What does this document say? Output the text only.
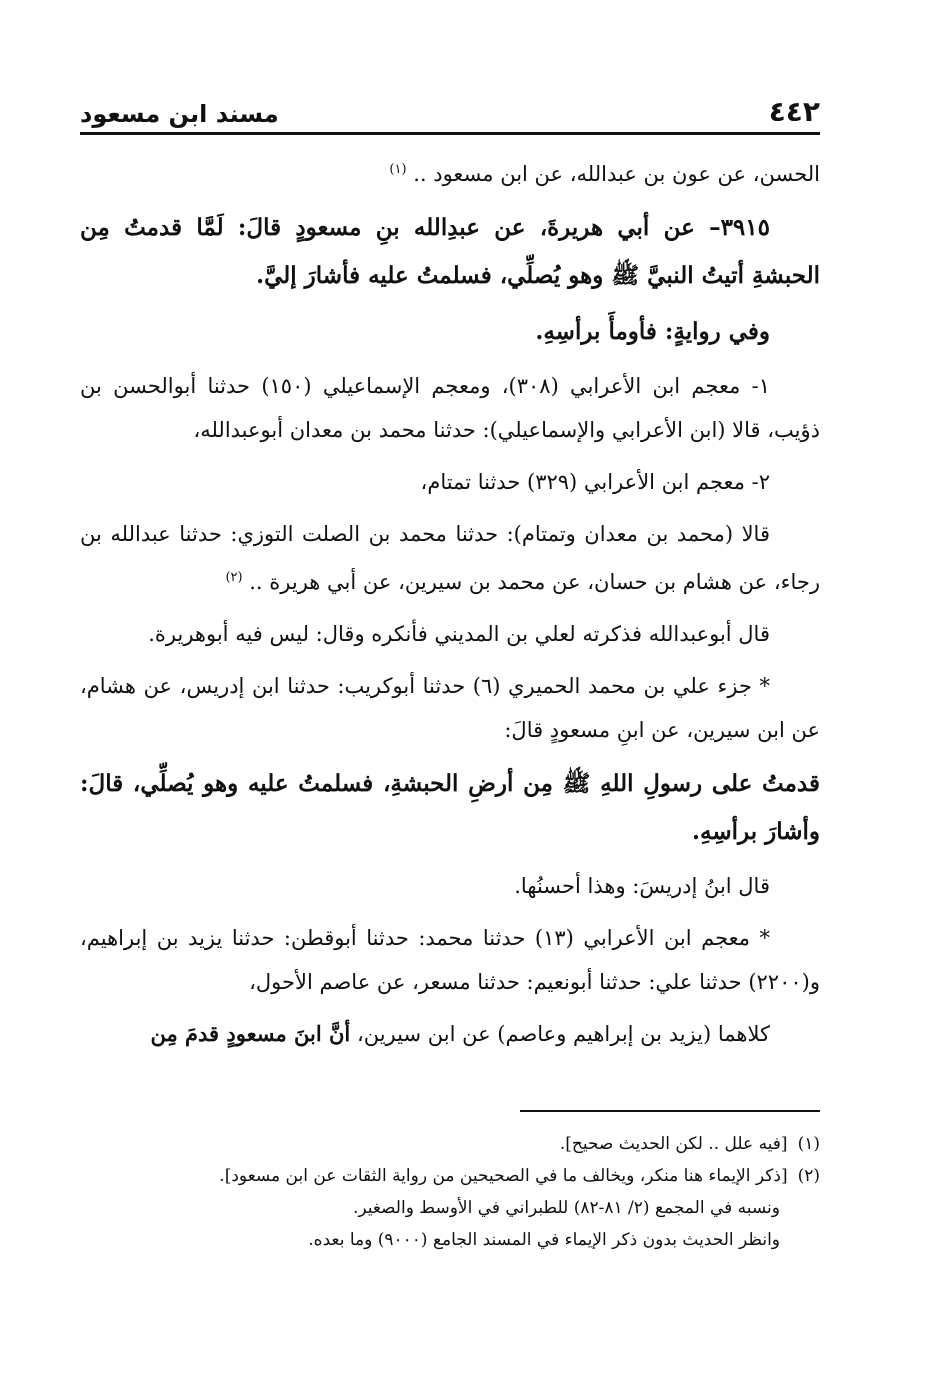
٤٤٢
مسند ابن مسعود

الحسن، عن عون بن عبدالله، عن ابن مسعود .. $^{(١)}$

٣٩١٥– عن أبي هريرةَ، عن عبدِالله بنِ مسعودٍ قالَ: لَمَّا قدمتُ مِن الحبشةِ أتيتُ النبيَّ ﷺ وهو يُصلِّي، فسلمتُ عليه فأشارَ إليَّ.

وفي روايةٍ: فأومأَ برأسِهِ.

١- معجم ابن الأعرابي (٣٠٨)، ومعجم الإسماعيلي (١٥٠) حدثنا أبوالحسن بن ذؤيب، قالا (ابن الأعرابي والإسماعيلي): حدثنا محمد بن معدان أبوعبدالله،

٢- معجم ابن الأعرابي (٣٢٩) حدثنا تمتام،

قالا (محمد بن معدان وتمتام): حدثنا محمد بن الصلت التوزي: حدثنا عبدالله بن رجاء، عن هشام بن حسان، عن محمد بن سيرين، عن أبي هريرة .. $^{(٢)}$

قال أبوعبدالله فذكرته لعلي بن المديني فأنكره وقال: ليس فيه أبوهريرة.

* جزء علي بن محمد الحميري (٦) حدثنا أبوكريب: حدثنا ابن إدريس، عن هشام، عن ابن سيرين، عن ابنِ مسعودٍ قالَ:

قدمتُ على رسولِ اللهِ ﷺ مِن أرضِ الحبشةِ، فسلمتُ عليه وهو يُصلِّي، قالَ: وأشارَ برأسِهِ.

قال ابنُ إدريسَ: وهذا أحسنُها.

* معجم ابن الأعرابي (١٣) حدثنا محمد: حدثنا أبوقطن: حدثنا يزيد بن إبراهيم، و(٢٢٠٠) حدثنا علي: حدثنا أبونعيم: حدثنا مسعر، عن عاصم الأحول،

كلاهما (يزيد بن إبراهيم وعاصم) عن ابن سيرين، أنَّ ابنَ مسعودٍ قدمَ مِن

(١)[فيه علل .. لكن الحديث صحيح].

(٢)[ذكر الإيماء هنا منكر، ويخالف ما في الصحيحين من رواية الثقات عن ابن مسعود].

ونسبه في المجمع (٢/ ٨١-٨٢) للطبراني في الأوسط والصغير.

وانظر الحديث بدون ذكر الإيماء في المسند الجامع (٩٠٠٠) وما بعده.
